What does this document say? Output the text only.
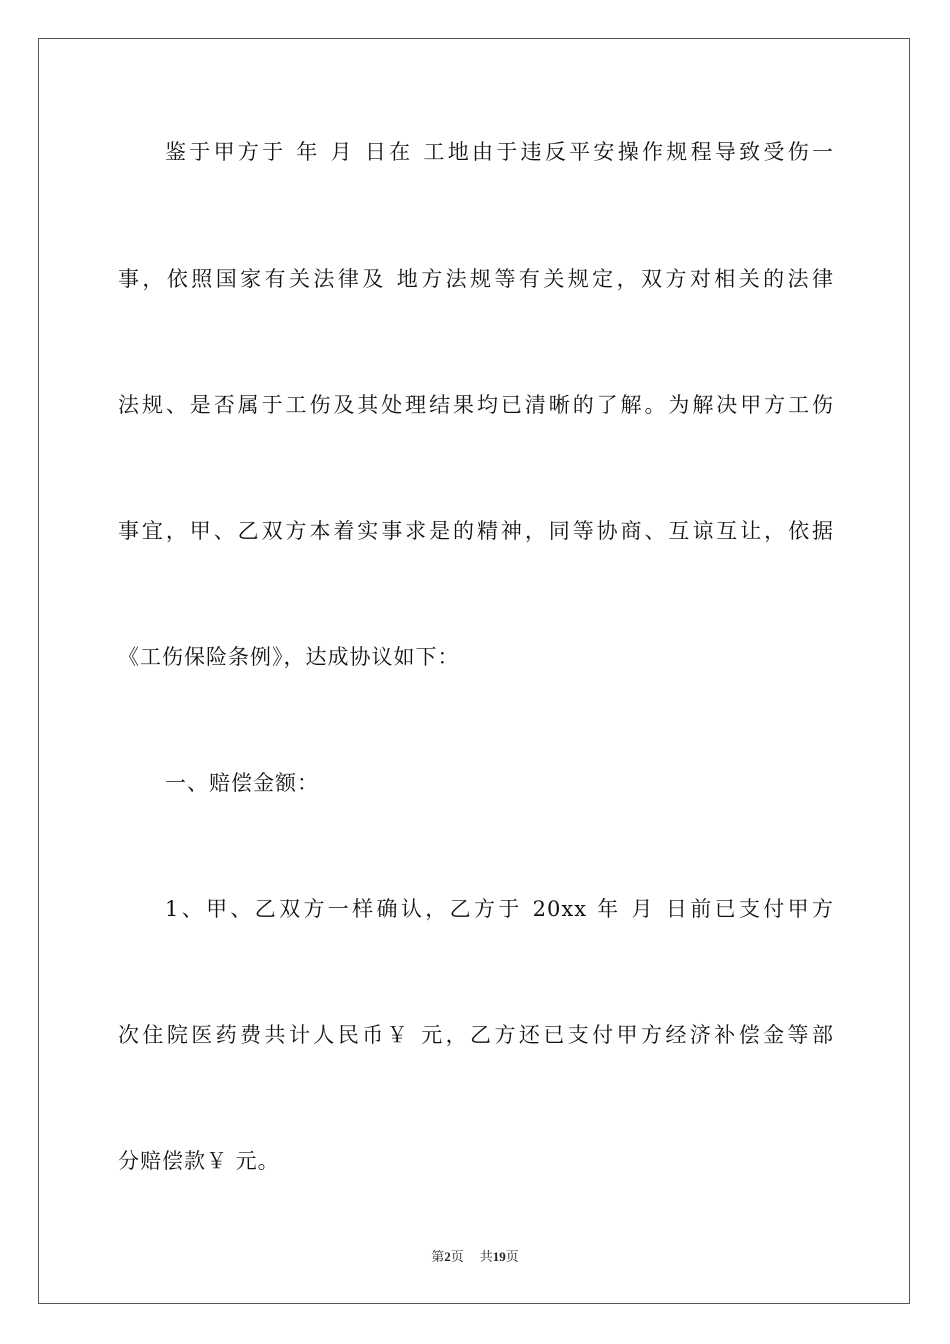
鉴于甲方于 年 月 日在 工地由于违反平安操作规程导致受伤一
事，依照国家有关法律及 地方法规等有关规定，双方对相关的法律
法规、是否属于工伤及其处理结果均已清晰的了解。为解决甲方工伤
事宜，甲、乙双方本着实事求是的精神，同等协商、互谅互让，依据
《工伤保险条例》，达成协议如下：
一、赔偿金额：
1、甲、乙双方一样确认，乙方于 20xx 年 月 日前已支付甲方
次住院医药费共计人民币￥ 元，乙方还已支付甲方经济补偿金等部
分赔偿款￥ 元。
第2页 共19页
